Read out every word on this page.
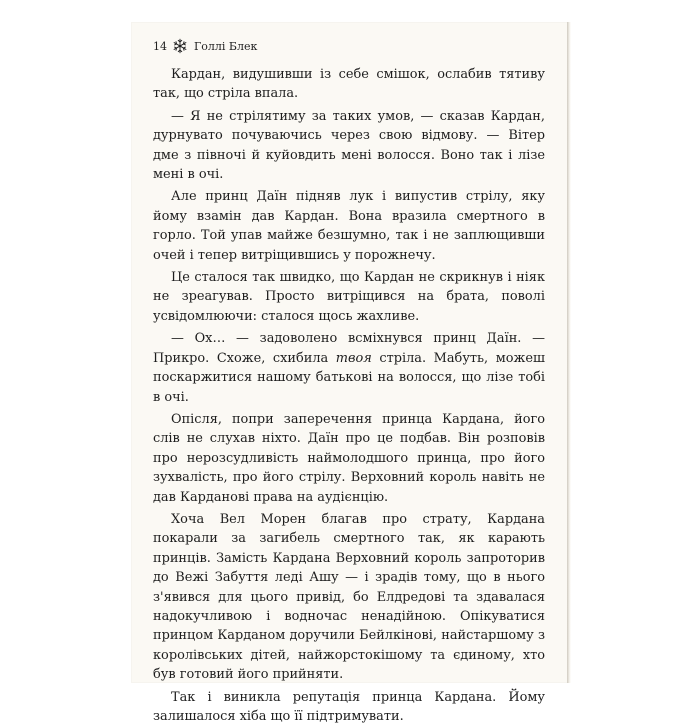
14 Голлі Блек

Кардан, видушивши із себе смішок, ослабив тятиву так, що стріла впала.

— Я не стрілятиму за таких умов, — сказав Кардан, дурнувато почуваючись через свою відмову. — Вітер дме з півночі й куйовдить мені волосся. Воно так і лізе мені в очі.

Але принц Даїн підняв лук і випустив стрілу, яку йому взамін дав Кардан. Вона вразила смертного в горло. Той упав майже безшумно, так і не заплющивши очей і тепер витріщившись у порожнечу.

Це сталося так швидко, що Кардан не скрикнув і ніяк не зреагував. Просто витріщився на брата, поволі усвідомлюючи: сталося щось жахливе.

— Ох… — задоволено всміхнувся принц Даїн. — Прикро. Схоже, схибила твоя стріла. Мабуть, можеш поскаржитися нашому батькові на волосся, що лізе тобі в очі.

Опісля, попри заперечення принца Кардана, його слів не слухав ніхто. Даїн про це подбав. Він розповів про нерозсудливість наймолодшого принца, про його зухвалість, про його стрілу. Верховний король навіть не дав Карданові права на аудієнцію.

Хоча Вел Морен благав про страту, Кардана покарали за загибель смертного так, як карають принців. Замість Кардана Верховний король запроторив до Вежі Забуття леді Ашу — і зрадів тому, що в нього з'явився для цього привід, бо Елдредові та здавалася надокучливою і водночас ненадійною. Опікуватися принцом Карданом доручили Бейлкінові, найстаршому з королівських дітей, найжорстокішому та єдиному, хто був готовий його прийняти.

Так і виникла репутація принца Кардана. Йому залишалося хіба що її підтримувати.
